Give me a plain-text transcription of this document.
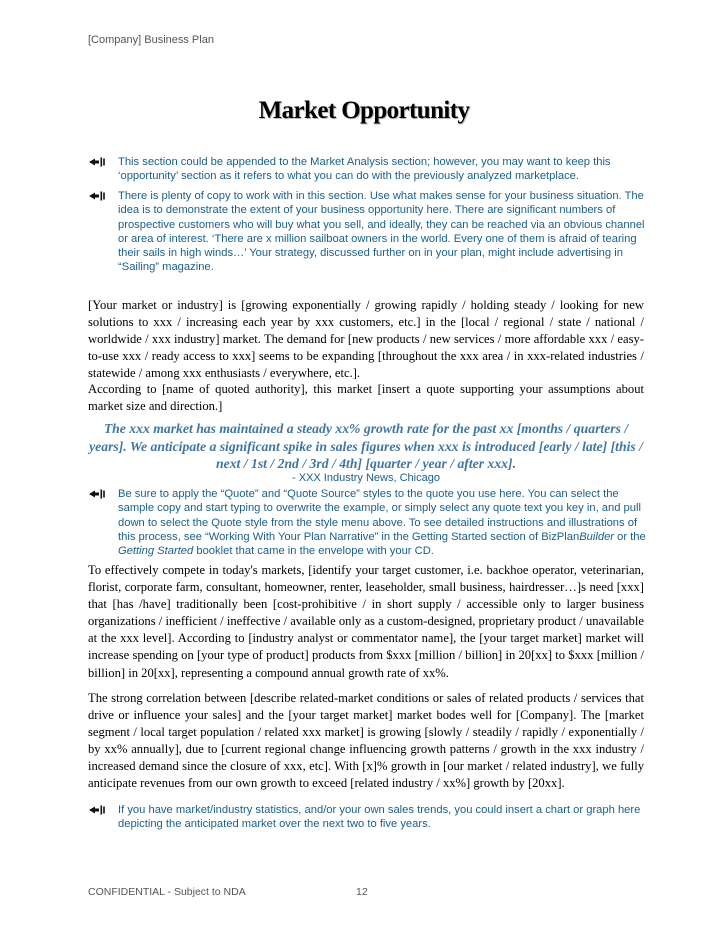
[Company] Business Plan
Market Opportunity
This section could be appended to the Market Analysis section; however, you may want to keep this ‘opportunity’ section as it refers to what you can do with the previously analyzed marketplace.
There is plenty of copy to work with in this section. Use what makes sense for your business situation. The idea is to demonstrate the extent of your business opportunity here. There are significant numbers of prospective customers who will buy what you sell, and ideally, they can be reached via an obvious channel or area of interest. ‘There are x million sailboat owners in the world. Every one of them is afraid of tearing their sails in high winds…’ Your strategy, discussed further on in your plan, might include advertising in “Sailing” magazine.
[Your market or industry] is [growing exponentially / growing rapidly / holding steady / looking for new solutions to xxx / increasing each year by xxx customers, etc.] in the [local / regional / state / national / worldwide / xxx industry] market. The demand for [new products / new services / more affordable xxx / easy-to-use xxx / ready access to xxx] seems to be expanding [throughout the xxx area / in xxx-related industries / statewide / among xxx enthusiasts / everywhere, etc.].
According to [name of quoted authority], this market [insert a quote supporting your assumptions about market size and direction.]
The xxx market has maintained a steady xx% growth rate for the past xx [months / quarters / years]. We anticipate a significant spike in sales figures when xxx is introduced [early / late] [this / next / 1st / 2nd / 3rd / 4th] [quarter / year / after xxx].
- XXX Industry News, Chicago
Be sure to apply the “Quote” and “Quote Source” styles to the quote you use here. You can select the sample copy and start typing to overwrite the example, or simply select any quote text you key in, and pull down to select the Quote style from the style menu above. To see detailed instructions and illustrations of this process, see “Working With Your Plan Narrative” in the Getting Started section of BizPlanBuilder or the Getting Started booklet that came in the envelope with your CD.
To effectively compete in today's markets, [identify your target customer, i.e. backhoe operator, veterinarian, florist, corporate farm, consultant, homeowner, renter, leaseholder, small business, hairdresser…]s need [xxx] that [has /have] traditionally been [cost-prohibitive / in short supply / accessible only to larger business organizations / inefficient / ineffective / available only as a custom-designed, proprietary product / unavailable at the xxx level]. According to [industry analyst or commentator name], the [your target market] market will increase spending on [your type of product] products from $xxx [million / billion] in 20[xx] to $xxx [million / billion] in 20[xx], representing a compound annual growth rate of xx%.
The strong correlation between [describe related-market conditions or sales of related products / services that drive or influence your sales] and the [your target market] market bodes well for [Company]. The [market segment / local target population / related xxx market] is growing [slowly / steadily / rapidly / exponentially / by xx% annually], due to [current regional change influencing growth patterns / growth in the xxx industry / increased demand since the closure of xxx, etc]. With [x]% growth in [our market / related industry], we fully anticipate revenues from our own growth to exceed [related industry / xx%] growth by [20xx].
If you have market/industry statistics, and/or your own sales trends, you could insert a chart or graph here depicting the anticipated market over the next two to five years.
CONFIDENTIAL - Subject to NDA	12
